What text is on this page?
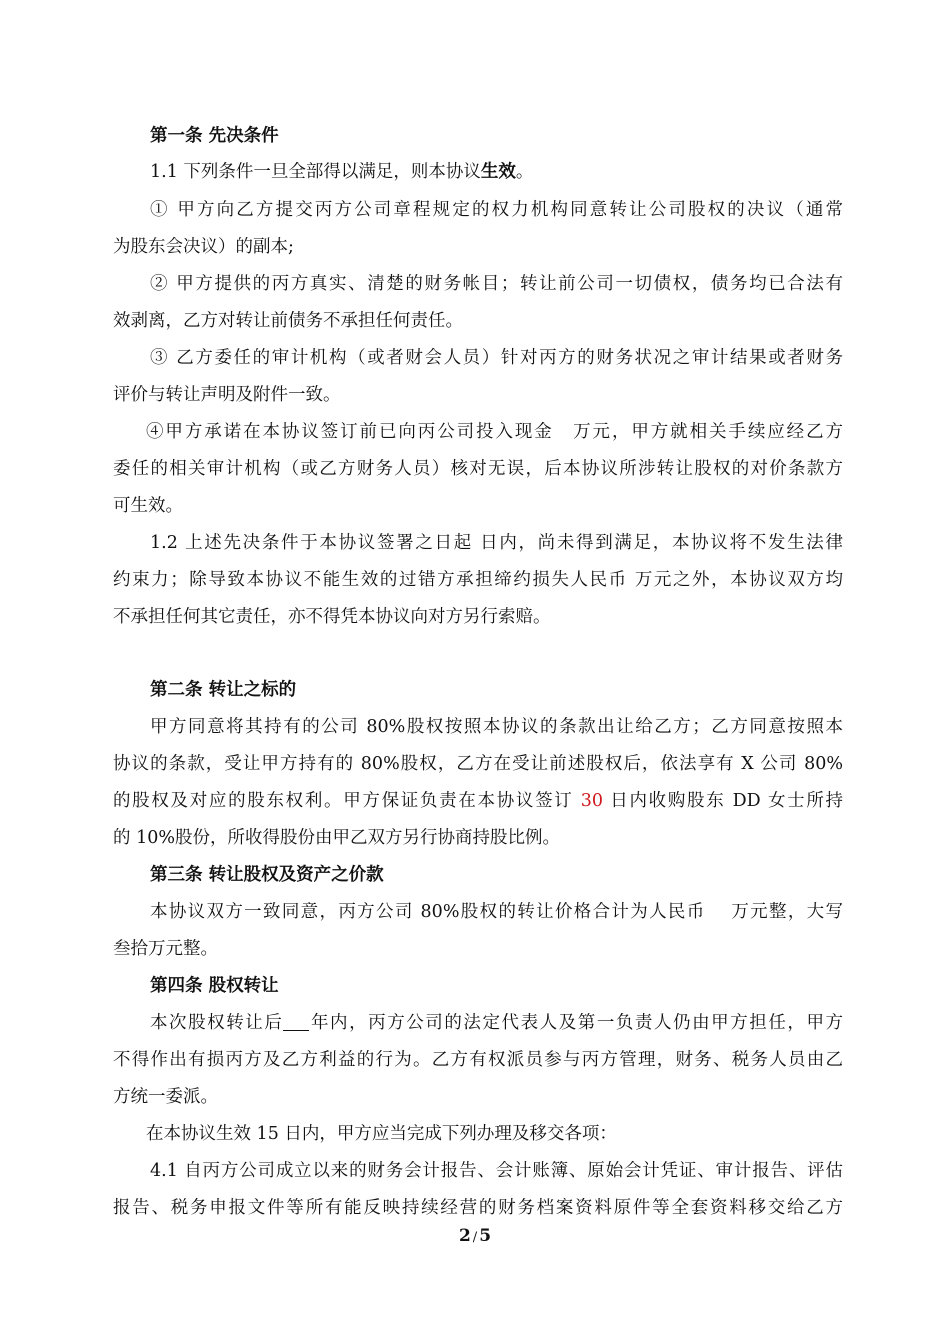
第一条 先决条件
1.1 下列条件一旦全部得以满足，则本协议生效。
① 甲方向乙方提交丙方公司章程规定的权力机构同意转让公司股权的决议（通常
为股东会决议）的副本;
② 甲方提供的丙方真实、清楚的财务帐目；转让前公司一切债权，债务均已合法有
效剥离，乙方对转让前债务不承担任何责任。
③ 乙方委任的审计机构（或者财会人员）针对丙方的财务状况之审计结果或者财务
评价与转让声明及附件一致。
④甲方承诺在本协议签订前已向丙公司投入现金　万元，甲方就相关手续应经乙方
委任的相关审计机构（或乙方财务人员）核对无误，后本协议所涉转让股权的对价条款方
可生效。
1.2 上述先决条件于本协议签署之日起 日内，尚未得到满足，本协议将不发生法律
约束力；除导致本协议不能生效的过错方承担缔约损失人民币 万元之外，本协议双方均
不承担任何其它责任，亦不得凭本协议向对方另行索赔。
第二条 转让之标的
甲方同意将其持有的公司 80%股权按照本协议的条款出让给乙方；乙方同意按照本
协议的条款，受让甲方持有的 80%股权，乙方在受让前述股权后，依法享有 X 公司 80%
的股权及对应的股东权利。甲方保证负责在本协议签订 30 日内收购股东 DD 女士所持
的 10%股份，所收得股份由甲乙双方另行协商持股比例。
第三条 转让股权及资产之价款
本协议双方一致同意，丙方公司 80%股权的转让价格合计为人民币　 万元整，大写
叁拾万元整。
第四条 股权转让
本次股权转让后 年内，丙方公司的法定代表人及第一负责人仍由甲方担任，甲方
不得作出有损丙方及乙方利益的行为。乙方有权派员参与丙方管理，财务、税务人员由乙
方统一委派。
在本协议生效 15 日内，甲方应当完成下列办理及移交各项：
4.1 自丙方公司成立以来的财务会计报告、会计账簿、原始会计凭证、审计报告、评估
报告、税务申报文件等所有能反映持续经营的财务档案资料原件等全套资料移交给乙方
2 / 5
